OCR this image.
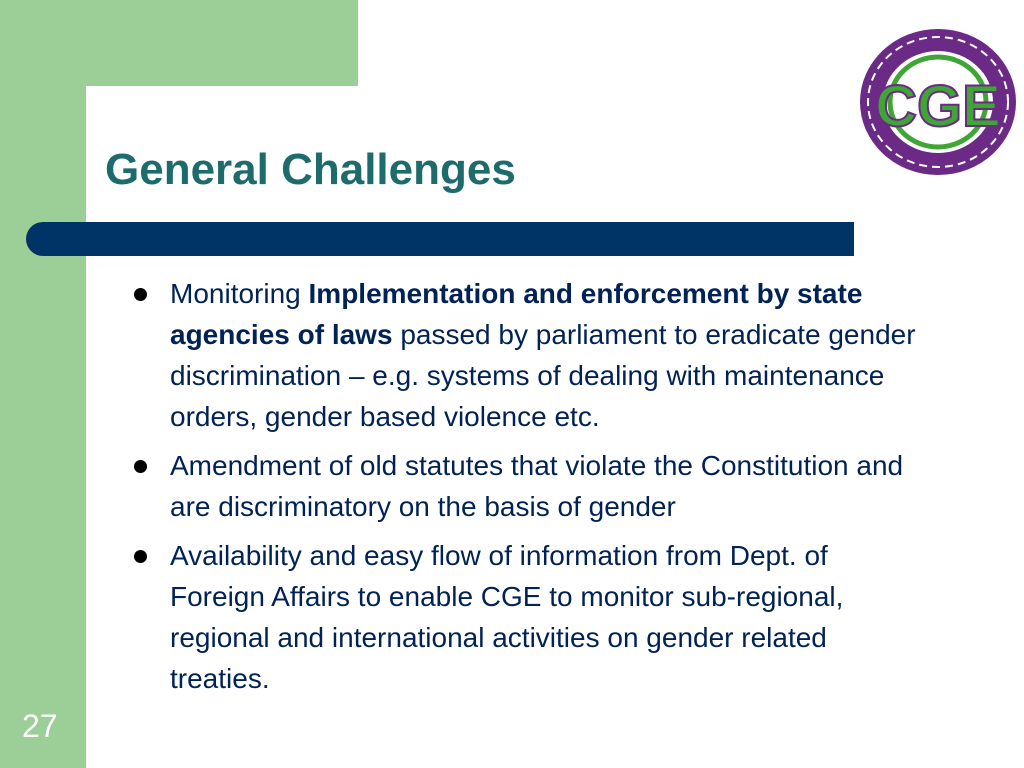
General Challenges
CGE
Monitoring Implementation and enforcement by state agencies of laws passed by parliament to eradicate gender discrimination – e.g. systems of dealing with maintenance orders, gender based violence etc.
Amendment of old statutes that violate the Constitution and are discriminatory on the basis of gender
Availability and easy flow of information from Dept. of Foreign Affairs to enable CGE to monitor sub-regional, regional and international activities on gender related treaties.
27
